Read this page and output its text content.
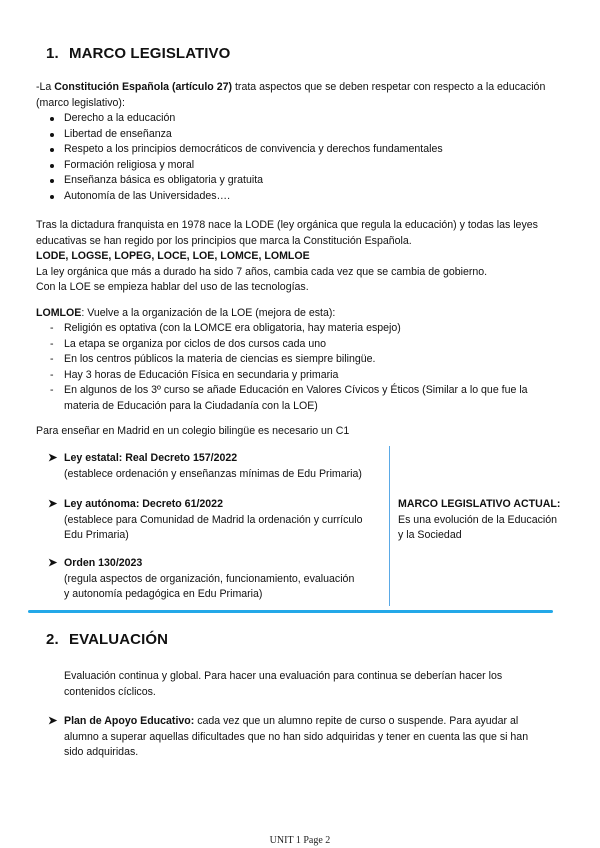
1. MARCO LEGISLATIVO
-La Constitución Española (artículo 27) trata aspectos que se deben respetar con respecto a la educación
(marco legislativo):
Derecho a la educación
Libertad de enseñanza
Respeto a los principios democráticos de convivencia y derechos fundamentales
Formación religiosa y moral
Enseñanza básica es obligatoria y gratuita
Autonomía de las Universidades….
Tras la dictadura franquista en 1978 nace la LODE (ley orgánica que regula la educación) y todas las leyes
educativas se han regido por los principios que marca la Constitución Española.
LODE, LOGSE, LOPEG, LOCE, LOE, LOMCE, LOMLOE
La ley orgánica que más a durado ha sido 7 años, cambia cada vez que se cambia de gobierno.
Con la LOE se empieza hablar del uso de las tecnologías.
LOMLOE: Vuelve a la organización de la LOE (mejora de esta):
- Religión es optativa (con la LOMCE era obligatoria, hay materia espejo)
- La etapa se organiza por ciclos de dos cursos cada uno
- En los centros públicos la materia de ciencias es siempre bilingüe.
- Hay 3 horas de Educación Física en secundaria y primaria
- En algunos de los 3º curso se añade Educación en Valores Cívicos y Éticos (Similar a lo que fue la
materia de Educación para la Ciudadanía con la LOE)
Para enseñar en Madrid en un colegio bilingüe es necesario un C1
➤ Ley estatal: Real Decreto 157/2022
(establece ordenación y enseñanzas mínimas de Edu Primaria)
➤ Ley autónoma: Decreto 61/2022
(establece para Comunidad de Madrid la ordenación y currículo
Edu Primaria)
➤ Orden 130/2023
(regula aspectos de organización, funcionamiento, evaluación
y autonomía pedagógica en Edu Primaria)
MARCO LEGISLATIVO ACTUAL:
Es una evolución de la Educación
y la Sociedad
2. EVALUACIÓN
Evaluación continua y global. Para hacer una evaluación para continua se deberían hacer los
contenidos cíclicos.
➤ Plan de Apoyo Educativo: cada vez que un alumno repite de curso o suspende. Para ayudar al
alumno a superar aquellas dificultades que no han sido adquiridas y tener en cuenta las que si han
sido adquiridas.
UNIT 1 Page 2
